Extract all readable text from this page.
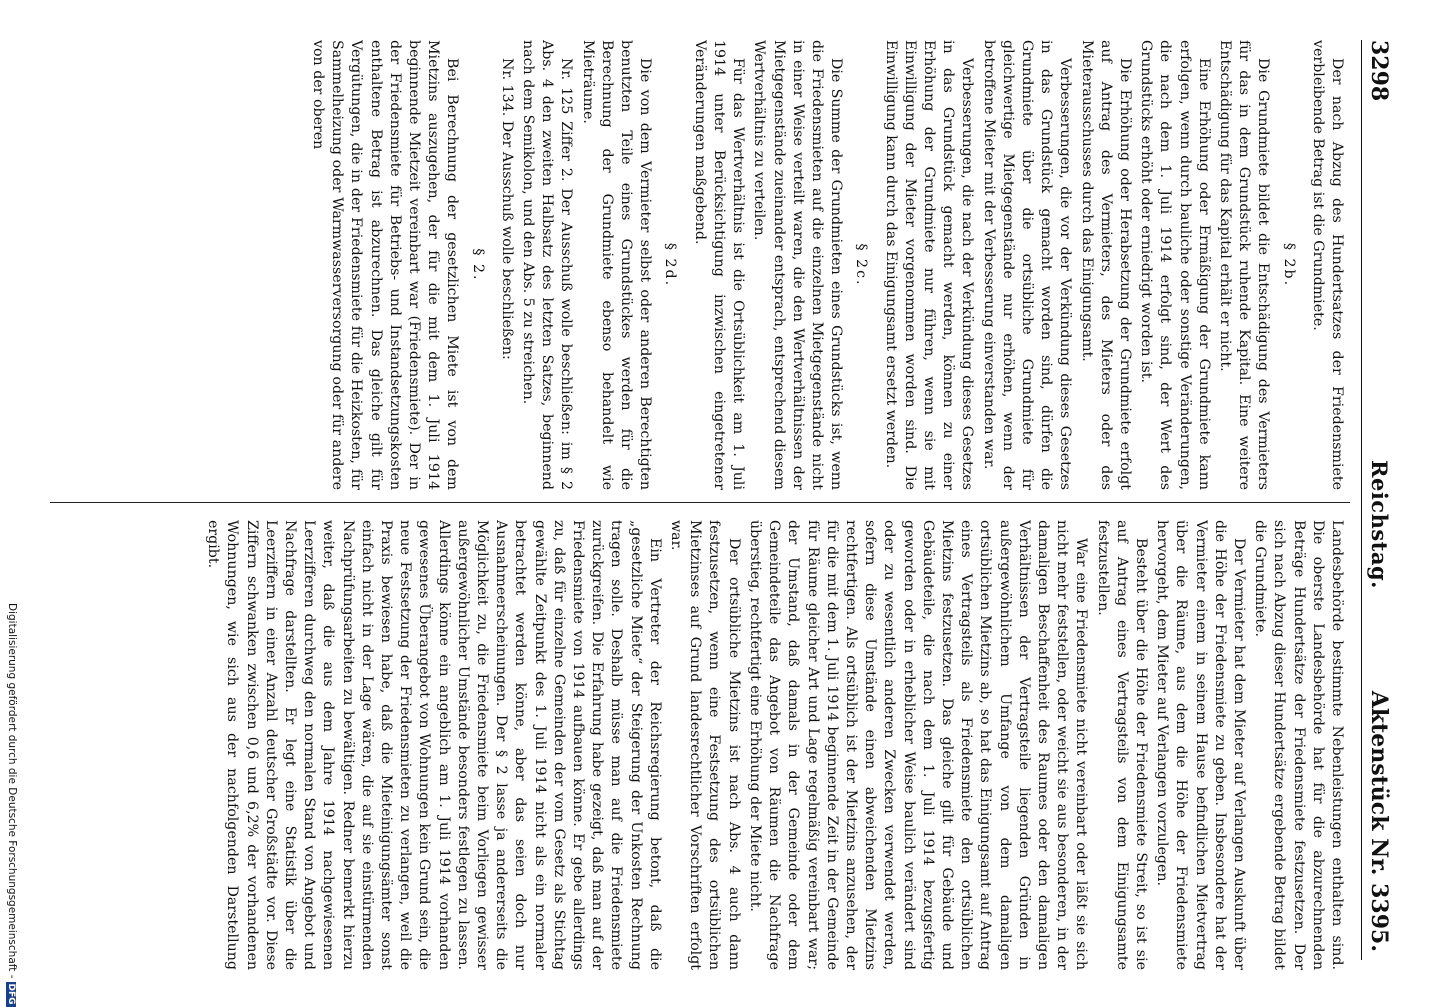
3298
Reichstag.
Aktenstück Nr. 3395.

Der nach Abzug des Hundertsatzes der Friedensmiete verbleibende Betrag ist die Grundmiete.

§ 2b.

Die Grundmiete bildet die Entschädigung des Vermieters für das in dem Grundstück ruhende Kapital. Eine weitere Entschädigung für das Kapital erhält er nicht.

Eine Erhöhung oder Ermäßigung der Grundmiete kann erfolgen, wenn durch bauliche oder sonstige Veränderungen, die nach dem 1. Juli 1914 erfolgt sind, der Wert des Grundstücks erhöht oder erniedrigt worden ist.

Die Erhöhung oder Herabsetzung der Grundmiete erfolgt auf Antrag des Vermieters, des Mieters oder des Mieterausschusses durch das Einigungsamt.

Verbesserungen, die vor der Verkündung dieses Gesetzes in das Grundstück gemacht worden sind, dürfen die Grundmiete über die ortsübliche Grundmiete für gleichwertige Mietgegenstände nur erhöhen, wenn der betroffene Mieter mit der Verbesserung einverstanden war.

Verbesserungen, die nach der Verkündung dieses Gesetzes in das Grundstück gemacht werden, können zu einer Erhöhung der Grundmiete nur führen, wenn sie mit Einwilligung der Mieter vorgenommen worden sind. Die Einwilligung kann durch das Einigungsamt ersetzt werden.

§ 2c.

Die Summe der Grundmieten eines Grundstücks ist, wenn die Friedensmieten auf die einzelnen Mietgegenstände nicht in einer Weise verteilt waren, die den Wertverhältnissen der Mietgegenstände zueinander entsprach, entsprechend diesem Wertverhältnis zu verteilen.

Für das Wertverhältnis ist die Ortsüblichkeit am 1. Juli 1914 unter Berücksichtigung inzwischen eingetretener Veränderungen maßgebend.

§ 2d.

Die von dem Vermieter selbst oder anderen Berechtigten benutzten Teile eines Grundstückes werden für die Berechnung der Grundmiete ebenso behandelt wie Mieträume.

Nr. 125 Ziffer 2. Der Ausschuß wolle beschließen: im § 2 Abs. 4 den zweiten Halbsatz des letzten Satzes, beginnend nach dem Semikolon, und den Abs. 5 zu streichen.

Nr. 134. Der Ausschuß wolle beschließen:

§ 2.

Bei Berechnung der gesetzlichen Miete ist von dem Mietzins auszugehen, der für die mit dem 1. Juli 1914 beginnende Mietzeit vereinbart war (Friedensmiete). Der in der Friedensmiete für Betriebs- und Instandsetzungskosten enthaltene Betrag ist abzurechnen. Das gleiche gilt für Vergütungen, die in der Friedensmiete für die Heizkosten, für Sammelheizung oder Warmwasserversorgung oder für andere von der oberen

Landesbehörde bestimmte Nebenleistungen enthalten sind. Die oberste Landesbehörde hat für die abzurechnenden Beträge Hundertsätze der Friedensmiete festzusetzen. Der sich nach Abzug dieser Hundertsätze ergebende Betrag bildet die Grundmiete.

Der Vermieter hat dem Mieter auf Verlangen Auskunft über die Höhe der Friedensmiete zu geben. Insbesondere hat der Vermieter einem in seinem Hause befindlichen Mietvertrag über die Räume, aus dem die Höhe der Friedensmiete hervorgeht, dem Mieter auf Verlangen vorzulegen.

Besteht über die Höhe der Friedensmiete Streit, so ist sie auf Antrag eines Vertragsteils von dem Einigungsamte festzustellen.

War eine Friedensmiete nicht vereinbart oder läßt sie sich nicht mehr feststellen, oder weicht sie aus besonderen, in der damaligen Beschaffenheit des Raumes oder den damaligen Verhältnissen der Vertragsteile liegenden Gründen in außergewöhnlichem Umfange von dem damaligen ortsüblichen Mietzins ab, so hat das Einigungsamt auf Antrag eines Vertragsteils als Friedensmiete den ortsüblichen Mietzins festzusetzen. Das gleiche gilt für Gebäude und Gebäudeteile, die nach dem 1. Juli 1914 bezugsfertig geworden oder in erheblicher Weise baulich verändert sind oder zu wesentlich anderen Zwecken verwendet werden, sofern diese Umstände einen abweichenden Mietzins rechtfertigen. Als ortsüblich ist der Mietzins anzusehen, der für die mit dem 1. Juli 1914 beginnende Zeit in der Gemeinde für Räume gleicher Art und Lage regelmäßig vereinbart war; der Umstand, daß damals in der Gemeinde oder dem Gemeindeteile das Angebot von Räumen die Nachfrage überstieg, rechtfertigt eine Erhöhung der Miete nicht.

Der ortsübliche Mietzins ist nach Abs. 4 auch dann festzusetzen, wenn eine Festsetzung des ortsüblichen Mietzinses auf Grund landesrechtlicher Vorschriften erfolgt war.

Ein Vertreter der Reichsregierung betont, daß die „gesetzliche Miete“ der Steigerung der Unkosten Rechnung tragen solle. Deshalb müsse man auf die Friedensmiete zurückgreifen. Die Erfahrung habe gezeigt, daß man auf der Friedensmiete von 1914 aufbauen könne. Er gebe allerdings zu, daß für einzelne Gemeinden der vom Gesetz als Stichtag gewählte Zeitpunkt des 1. Juli 1914 nicht als ein normaler betrachtet werden könne, aber das seien doch nur Ausnahmeerscheinungen. Der § 2 lasse ja andererseits die Möglichkeit zu, die Friedensmiete beim Vorliegen gewisser außergewöhnlicher Umstände besonders festlegen zu lassen. Allerdings könne ein angeblich am 1. Juli 1914 vorhanden gewesenes Überangebot von Wohnungen kein Grund sein, die neue Festsetzung der Friedensmieten zu verlangen, weil die Praxis bewiesen habe, daß die Mieteinigungsämter sonst einfach nicht in der Lage wären, die auf sie einstürmenden Nachprüfungsarbeiten zu bewältigen. Redner bemerkt hierzu weiter, daß die aus dem Jahre 1914 nachgewiesenen Leerzifferen durchweg den normalen Stand von Angebot und Nachfrage darstellten. Er legt eine Statistik über die Leerziffern in einer Anzahl deutscher Großstädte vor. Diese Ziffern schwanken zwischen 0,6 und 6,2% der vorhandenen Wohnungen, wie sich aus der nachfolgenden Darstellung ergibt.

Digitalisierung gefördert durch die Deutsche Forschungsgemeinschaft -DFG
